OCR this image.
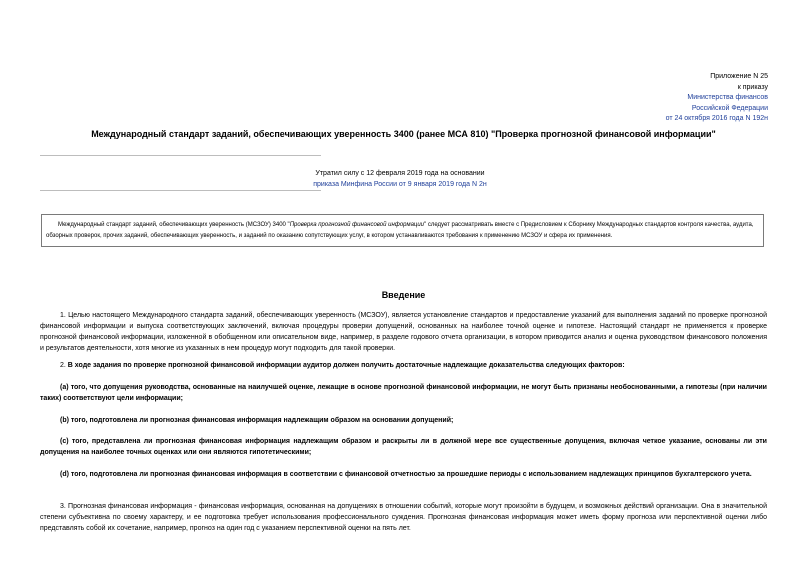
Приложение N 25
к приказу
Министерства финансов
Российской Федерации
от 24 октября 2016 года N 192н
Международный стандарт заданий, обеспечивающих уверенность 3400 (ранее МСА 810) "Проверка прогнозной финансовой информации"
Утратил силу с 12 февраля 2019 года на основании
приказа Минфина России от 9 января 2019 года N 2н
Международный стандарт заданий, обеспечивающих уверенность (МСЗОУ) 3400 "Проверка прогнозной финансовой информации" следует рассматривать вместе с Предисловием к Сборнику Международных стандартов контроля качества, аудита, обзорных проверок, прочих заданий, обеспечивающих уверенность, и заданий по оказанию сопутствующих услуг, в котором устанавливаются требования к применению МСЗОУ и сфера их применения.
Введение

1. Целью настоящего Международного стандарта заданий, обеспечивающих уверенность (МСЗОУ), является установление стандартов и предоставление указаний для выполнения заданий по проверке прогнозной финансовой информации и выпуска соответствующих заключений, включая процедуры проверки допущений, основанных на наиболее точной оценке и гипотезе. Настоящий стандарт не применяется к проверке прогнозной финансовой информации, изложенной в обобщенном или описательном виде, например, в разделе годового отчета организации, в котором приводится анализ и оценка руководством финансового положения и результатов деятельности, хотя многие из указанных в нем процедур могут подходить для такой проверки.

2. В ходе задания по проверке прогнозной финансовой информации аудитор должен получить достаточные надлежащие доказательства следующих факторов:

(a) того, что допущения руководства, основанные на наилучшей оценке, лежащие в основе прогнозной финансовой информации, не могут быть признаны необоснованными, а гипотезы (при наличии таких) соответствуют цели информации;

(b) того, подготовлена ли прогнозная финансовая информация надлежащим образом на основании допущений;

(c) того, представлена ли прогнозная финансовая информация надлежащим образом и раскрыты ли в должной мере все существенные допущения, включая четкое указание, основаны ли эти допущения на наиболее точных оценках или они являются гипотетическими;

(d) того, подготовлена ли прогнозная финансовая информация в соответствии с финансовой отчетностью за прошедшие периоды с использованием надлежащих принципов бухгалтерского учета.

3. Прогнозная финансовая информация - финансовая информация, основанная на допущениях в отношении событий, которые могут произойти в будущем, и возможных действий организации. Она в значительной степени субъективна по своему характеру, и ее подготовка требует использования профессионального суждения. Прогнозная финансовая информация может иметь форму прогноза или перспективной оценки либо представлять собой их сочетание, например, прогноз на один год с указанием перспективной оценки на пять лет.
